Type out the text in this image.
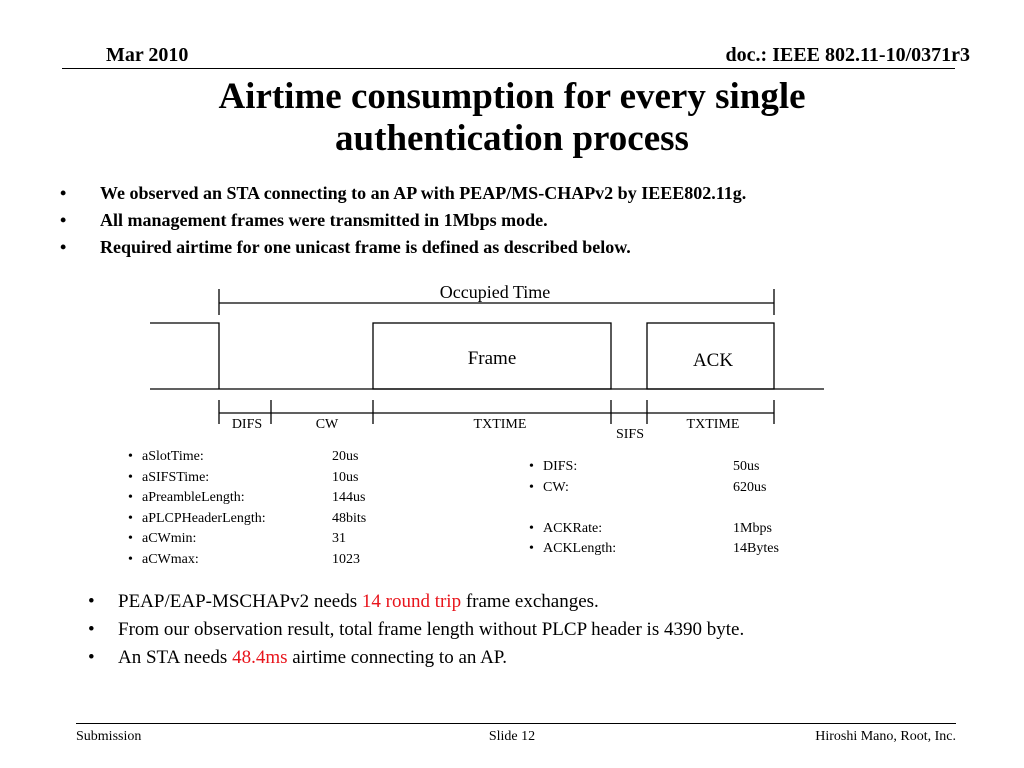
Mar 2010	doc.: IEEE 802.11-10/0371r3
Airtime consumption for every single
authentication process
• We observed an STA connecting to an AP with PEAP/MS-CHAPv2 by IEEE802.11g.
• All management frames were transmitted in 1Mbps mode.
• Required airtime for one unicast frame is defined as described below.
Occupied Time
Frame	ACK
DIFS	CW	TXTIME
SIFS
TXTIME
• aSlotTime:	20us
• aSIFSTime:	10us
• aPreambleLength:	144us
• aPLCPHeaderLength:	48bits
• aCWmin:	31
• aCWmax:	1023
• DIFS:	50us
• CW:	620us
• ACKRate:	1Mbps
• ACKLength:	14Bytes
• PEAP/EAP-MSCHAPv2 needs 14 round trip frame exchanges.
• From our observation result, total frame length without PLCP header is 4390 byte.
• An STA needs 48.4ms airtime connecting to an AP.
Submission	Slide 12	Hiroshi Mano, Root, Inc.
